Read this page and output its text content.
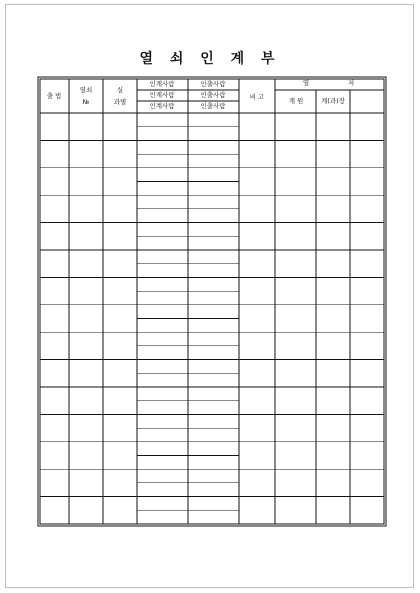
열 쇠 인 계 부
출 법
열쇠
№
실
과별
인계사람
인계사람
인계사람
인출사람
인출사람
인출사람
비 고
열	저
계 원	계(과)장
